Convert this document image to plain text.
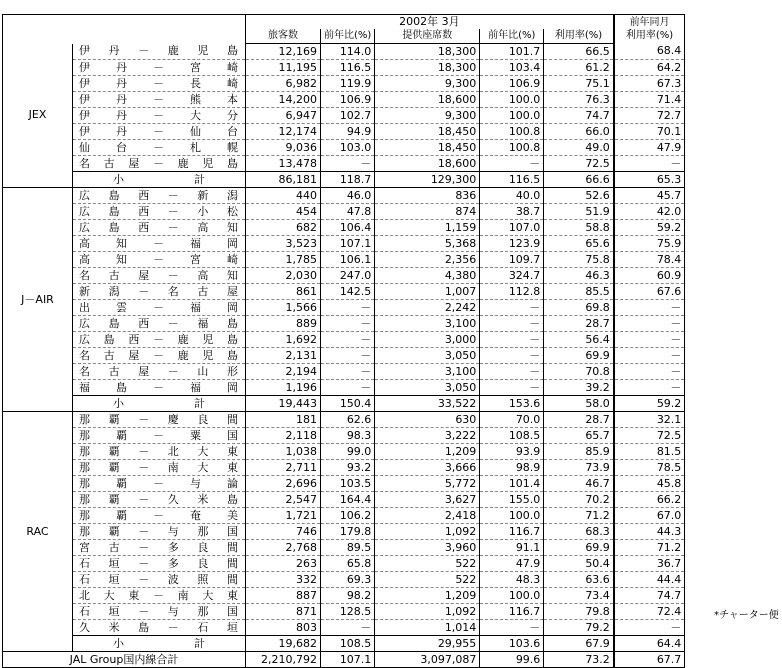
		2002年 3月					前年同月
利用率(%)
		旅客数	前年比(%)	提供座席数	前年比(%)	利用率(%)	
JEX	伊丹－鹿児島	12,169	114.0	18,300	101.7	66.5	68.4
	伊丹－宮崎	11,195	116.5	18,300	103.4	61.2	64.2
	伊丹－長崎	6,982	119.9	9,300	106.9	75.1	67.3
	伊丹－熊本	14,200	106.9	18,600	100.0	76.3	71.4
	伊丹－大分	6,947	102.7	9,300	100.0	74.7	72.7
	伊丹－仙台	12,174	94.9	18,450	100.8	66.0	70.1
	仙台－札幌	9,036	103.0	18,450	100.8	49.0	47.9
	名古屋－鹿児島	13,478	－	18,600	－	72.5	－
	小計	86,181	118.7	129,300	116.5	66.6	65.3
J－AIR	広島西－新潟	440	46.0	836	40.0	52.6	45.7
	広島西－小松	454	47.8	874	38.7	51.9	42.0
	広島西－高知	682	106.4	1,159	107.0	58.8	59.2
	高知－福岡	3,523	107.1	5,368	123.9	65.6	75.9
	高知－宮崎	1,785	106.1	2,356	109.7	75.8	78.4
	名古屋－高知	2,030	247.0	4,380	324.7	46.3	60.9
	新潟－名古屋	861	142.5	1,007	112.8	85.5	67.6
	出雲－福岡	1,566	－	2,242	－	69.8	－
	広島西－福島	889	－	3,100	－	28.7	－
	広島西－鹿児島	1,692	－	3,000	－	56.4	－
	名古屋－鹿児島	2,131	－	3,050	－	69.9	－
	名古屋－山形	2,194	－	3,100	－	70.8	－
	福島－福岡	1,196	－	3,050	－	39.2	－
	小計	19,443	150.4	33,522	153.6	58.0	59.2
RAC	那覇－慶良間	181	62.6	630	70.0	28.7	32.1
	那覇－粟国	2,118	98.3	3,222	108.5	65.7	72.5
	那覇－北大東	1,038	99.0	1,209	93.9	85.9	81.5
	那覇－南大東	2,711	93.2	3,666	98.9	73.9	78.5
	那覇－与論	2,696	103.5	5,772	101.4	46.7	45.8
	那覇－久米島	2,547	164.4	3,627	155.0	70.2	66.2
	那覇－奄美	1,721	106.2	2,418	100.0	71.2	67.0
	那覇－与那国	746	179.8	1,092	116.7	68.3	44.3
	宮古－多良間	2,768	89.5	3,960	91.1	69.9	71.2
	石垣－多良間	263	65.8	522	47.9	50.4	36.7
	石垣－波照間	332	69.3	522	48.3	63.6	44.4
	北大東－南大東	887	98.2	1,209	100.0	73.4	74.7
	石垣－与那国	871	128.5	1,092	116.7	79.8	72.4
	久米島－石垣	803	－	1,014	－	79.2	－
	小計	19,682	108.5	29,955	103.6	67.9	64.4
JAL Group国内線合計		2,210,792	107.1	3,097,087	99.6	73.2	67.7
*チャーター便
